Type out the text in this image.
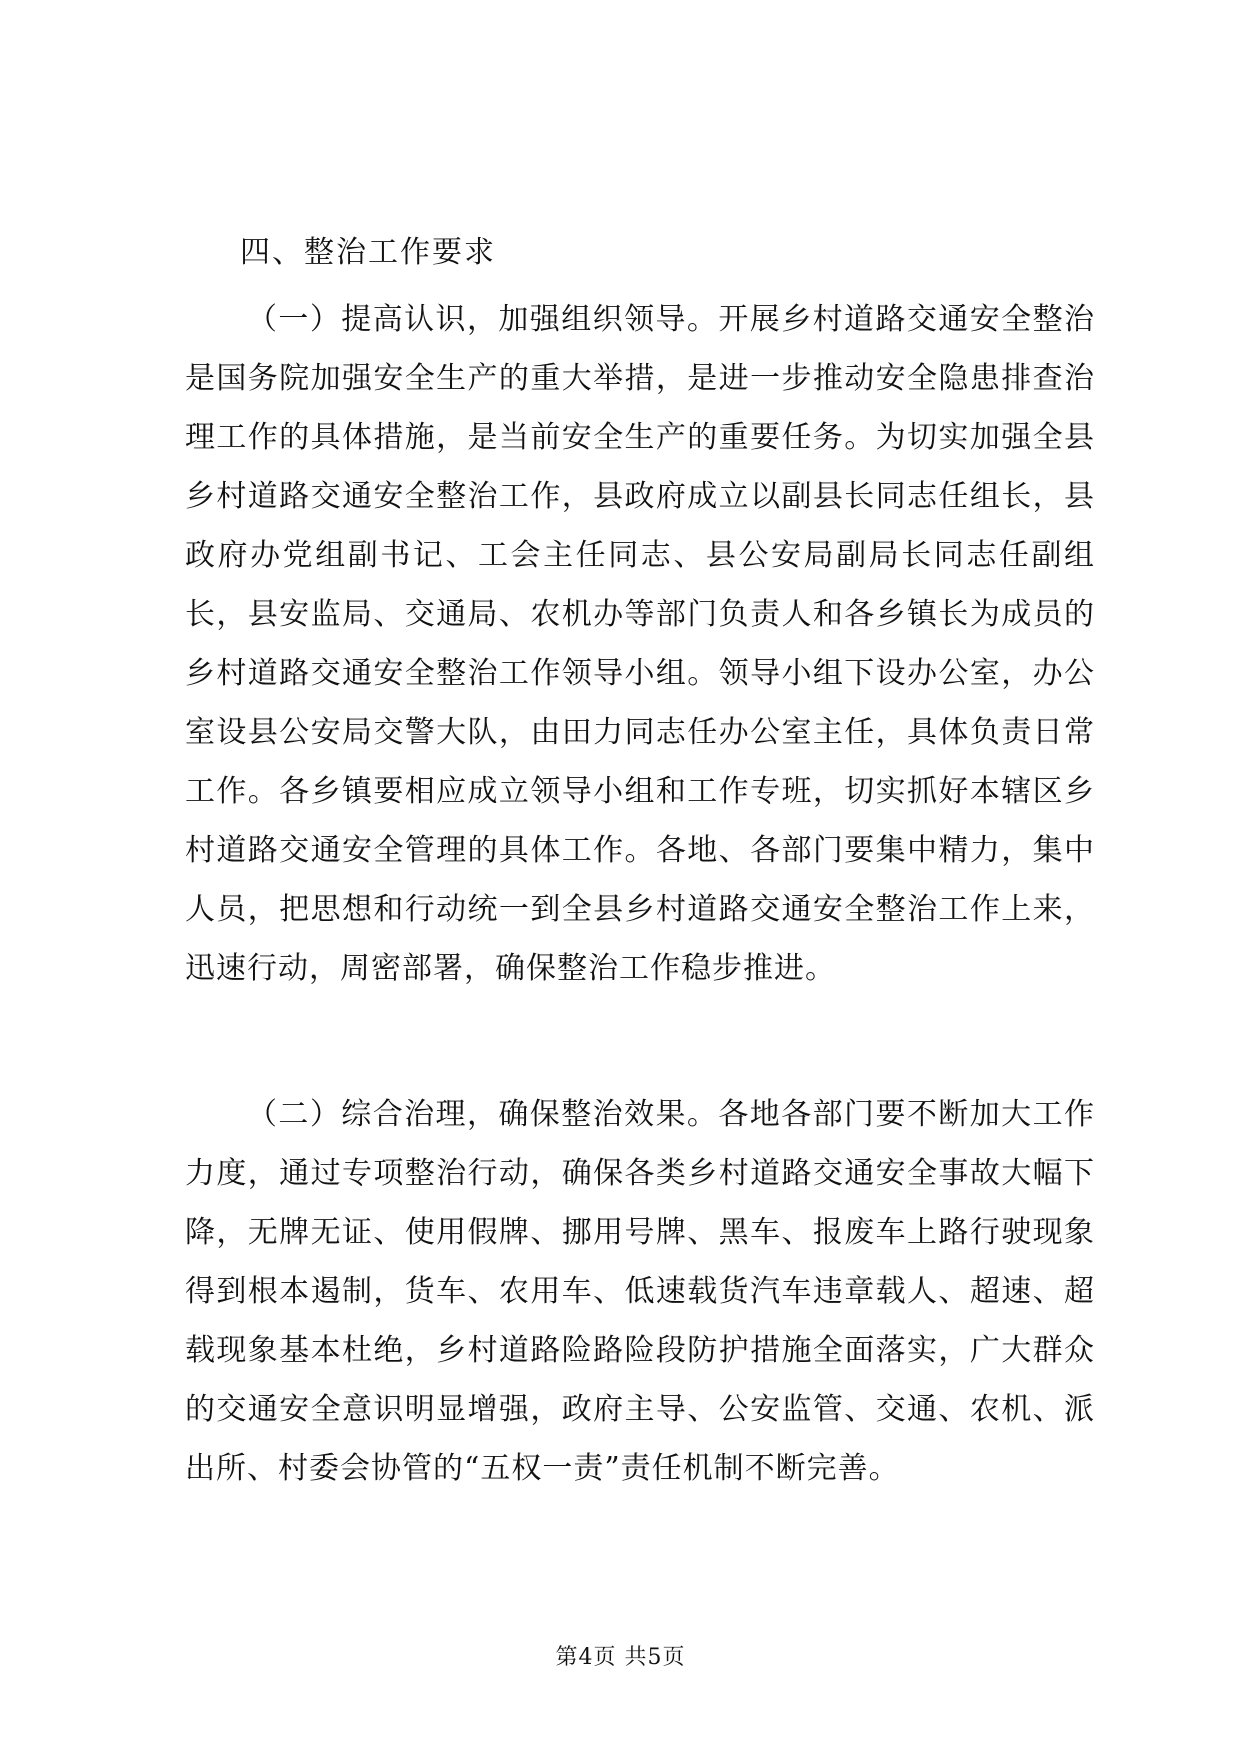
四、整治工作要求

（一）提高认识，加强组织领导。开展乡村道路交通安全整治是国务院加强安全生产的重大举措，是进一步推动安全隐患排查治理工作的具体措施，是当前安全生产的重要任务。为切实加强全县乡村道路交通安全整治工作，县政府成立以副县长同志任组长，县政府办党组副书记、工会主任同志、县公安局副局长同志任副组长，县安监局、交通局、农机办等部门负责人和各乡镇长为成员的乡村道路交通安全整治工作领导小组。领导小组下设办公室，办公室设县公安局交警大队，由田力同志任办公室主任，具体负责日常工作。各乡镇要相应成立领导小组和工作专班，切实抓好本辖区乡村道路交通安全管理的具体工作。各地、各部门要集中精力，集中人员，把思想和行动统一到全县乡村道路交通安全整治工作上来，迅速行动，周密部署，确保整治工作稳步推进。

（二）综合治理，确保整治效果。各地各部门要不断加大工作力度，通过专项整治行动，确保各类乡村道路交通安全事故大幅下降，无牌无证、使用假牌、挪用号牌、黑车、报废车上路行驶现象得到根本遏制，货车、农用车、低速载货汽车违章载人、超速、超载现象基本杜绝，乡村道路险路险段防护措施全面落实，广大群众的交通安全意识明显增强，政府主导、公安监管、交通、农机、派出所、村委会协管的“五权一责”责任机制不断完善。

第4页 共5页
